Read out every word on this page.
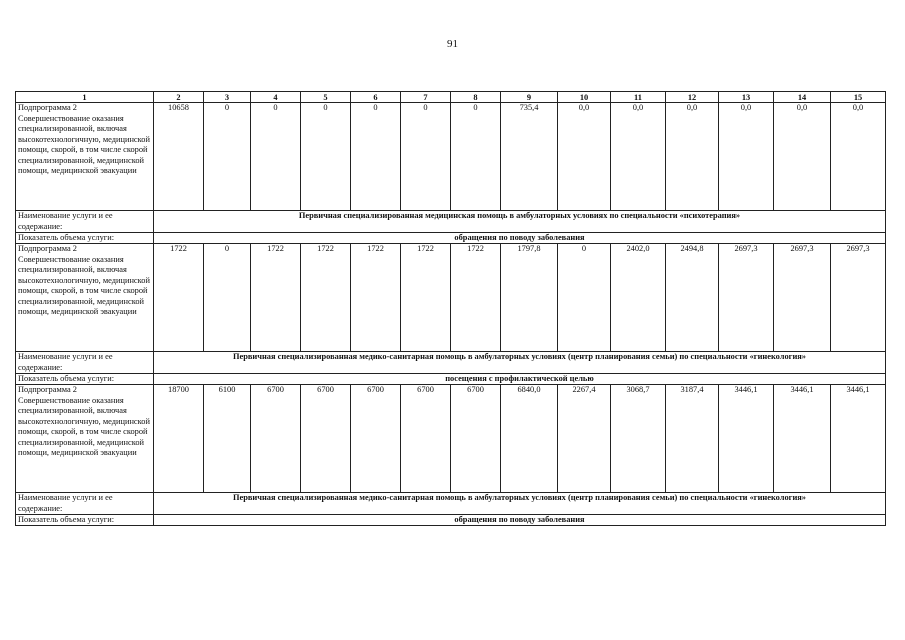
91
1	2	3	4	5	6	7	8	9	10	11	12	13	14	15
Подпрограмма 2 Совершенствование оказания специализированной, включая высокотехнологичную, медицинской помощи, скорой, в том числе скорой специализированной, медицинской помощи, медицинской эвакуации	10658	0	0	0	0	0	0	735,4	0,0	0,0	0,0	0,0	0,0	0,0
Наименование услуги и ее содержание:	Первичная специализированная медицинская помощь в амбулаторных условиях по специальности «психотерапия»													
Показатель объема услуги:	обращения по поводу заболевания													
Подпрограмма 2 Совершенствование оказания специализированной, включая высокотехнологичную, медицинской помощи, скорой, в том числе скорой специализированной, медицинской помощи, медицинской эвакуации	1722	0	1722	1722	1722	1722	1722	1797,8	0	2402,0	2494,8	2697,3	2697,3	2697,3
Наименование услуги и ее содержание:	Первичная специализированная медико-санитарная помощь в амбулаторных условиях (центр планирования семьи) по специальности «гинекология»													
Показатель объема услуги:	посещения с профилактической целью													
Подпрограмма 2 Совершенствование оказания специализированной, включая высокотехнологичную, медицинской помощи, скорой, в том числе скорой специализированной, медицинской помощи, медицинской эвакуации	18700	6100	6700	6700	6700	6700	6700	6840,0	2267,4	3068,7	3187,4	3446,1	3446,1	3446,1
Наименование услуги и ее содержание:	Первичная специализированная медико-санитарная помощь в амбулаторных условиях (центр планирования семьи) по специальности «гинекология»													
Показатель объема услуги:	обращения по поводу заболевания													
